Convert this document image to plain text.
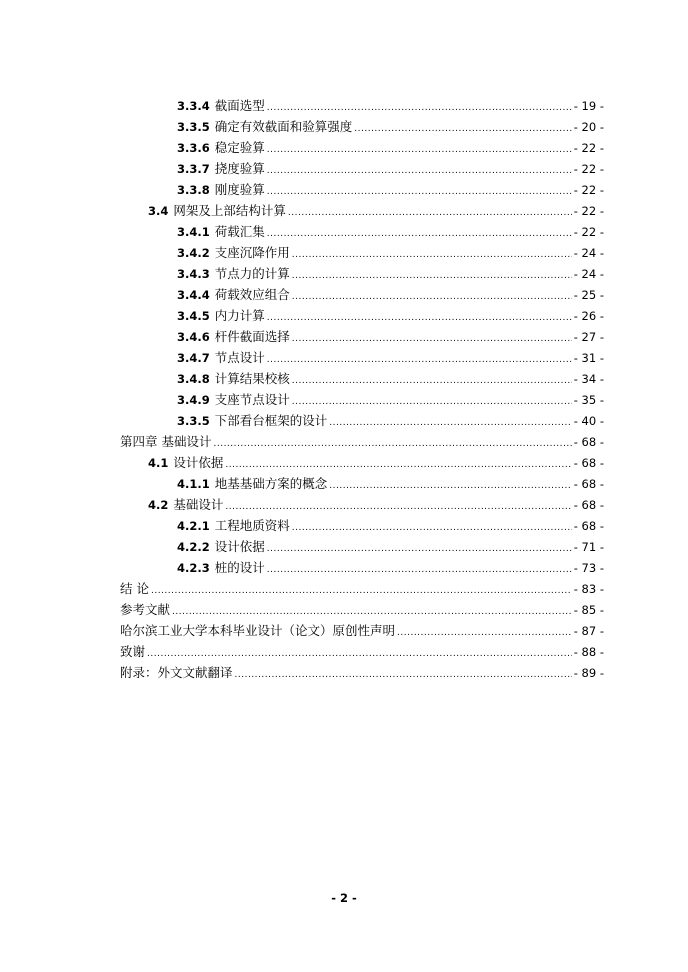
3.3.4 截面选型 .....	- 19 -
3.3.5 确定有效截面和验算强度 .....	- 20 -
3.3.6 稳定验算 .....	- 22 -
3.3.7 挠度验算 .....	- 22 -
3.3.8 刚度验算 .....	- 22 -
3.4 网架及上部结构计算 .....	- 22 -
3.4.1 荷载汇集 .....	- 22 -
3.4.2 支座沉降作用 .....	- 24 -
3.4.3 节点力的计算 .....	- 24 -
3.4.4 荷载效应组合 .....	- 25 -
3.4.5 内力计算 .....	- 26 -
3.4.6 杆件截面选择 .....	- 27 -
3.4.7 节点设计 .....	- 31 -
3.4.8 计算结果校核 .....	- 34 -
3.4.9 支座节点设计 .....	- 35 -
3.3.5 下部看台框架的设计 .....	- 40 -
第四章 基础设计 .....	- 68 -
4.1 设计依据 .....	- 68 -
4.1.1 地基基础方案的概念 .....	- 68 -
4.2 基础设计 .....	- 68 -
4.2.1 工程地质资料 .....	- 68 -
4.2.2 设计依据 .....	- 71 -
4.2.3 桩的设计 .....	- 73 -
结 论 .....	- 83 -
参考文献 .....	- 85 -
哈尔滨工业大学本科毕业设计（论文）原创性声明 .....	- 87 -
致谢 .....	- 88 -
附录：外文文献翻译 .....	- 89 -
- 2 -
